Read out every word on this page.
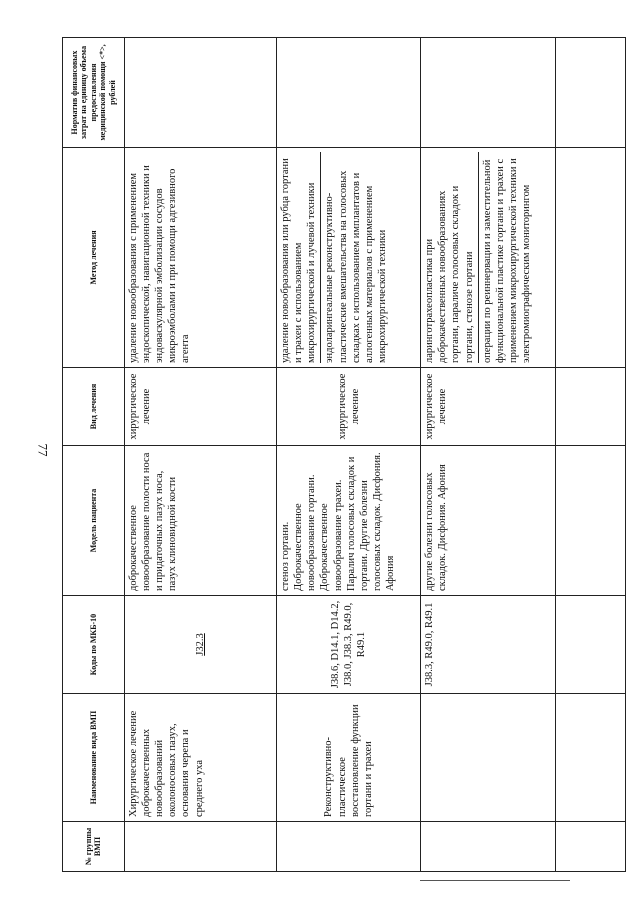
77
№ группы ВМП	Наименование вида ВМП	Коды по МКБ-10	Модель пациента	Вид лечения	Метод лечения	Норматив финансовых затрат на единицу объема предоставления медицинской помощи <*>, рублей
	Хирургическое лечение доброкачественных новообразований околоносовых пазух, основания черепа и среднего уха	J32.3	доброкачественное новообразование полости носа и придаточных пазух носа, пазух клиновидной кости	хирургическое лечение	удаление новообразования с применением эндоскопической, навигационной техники и эндоваскулярной эмболизации сосудов микроэмболами и при помощи адгезивного агента	

	Реконструктивно-пластическое восстановление функции гортани и трахеи	J38.6, D14.1, D14.2, J38.0, J38.3, R49.0, R49.1	стеноз гортани. Доброкачественное новообразование гортани. Доброкачественное новообразование трахеи. Паралич голосовых складок и гортани. Другие болезни голосовых складок. Дисфония. Афония	хирургическое лечение	удаление новообразования или рубца гортани и трахеи с использованием микрохирургической и лучевой техники эндоларингеальные реконструктивно-пластические вмешательства на голосовых складках с использованием имплантатов и аллогенных материалов с применением микрохирургической техники	

		J38.3, R49.0, R49.1	другие болезни голосовых складок. Дисфония. Афония	хирургическое лечение	ларинготрахеопластика при доброкачественных новообразованиях гортани, параличе голосовых складок и гортани, стенозе гортани операции по реиннервации и заместительной функциональной пластике гортани и трахеи с применением микрохирургической техники и электромиографическим мониторингом	
